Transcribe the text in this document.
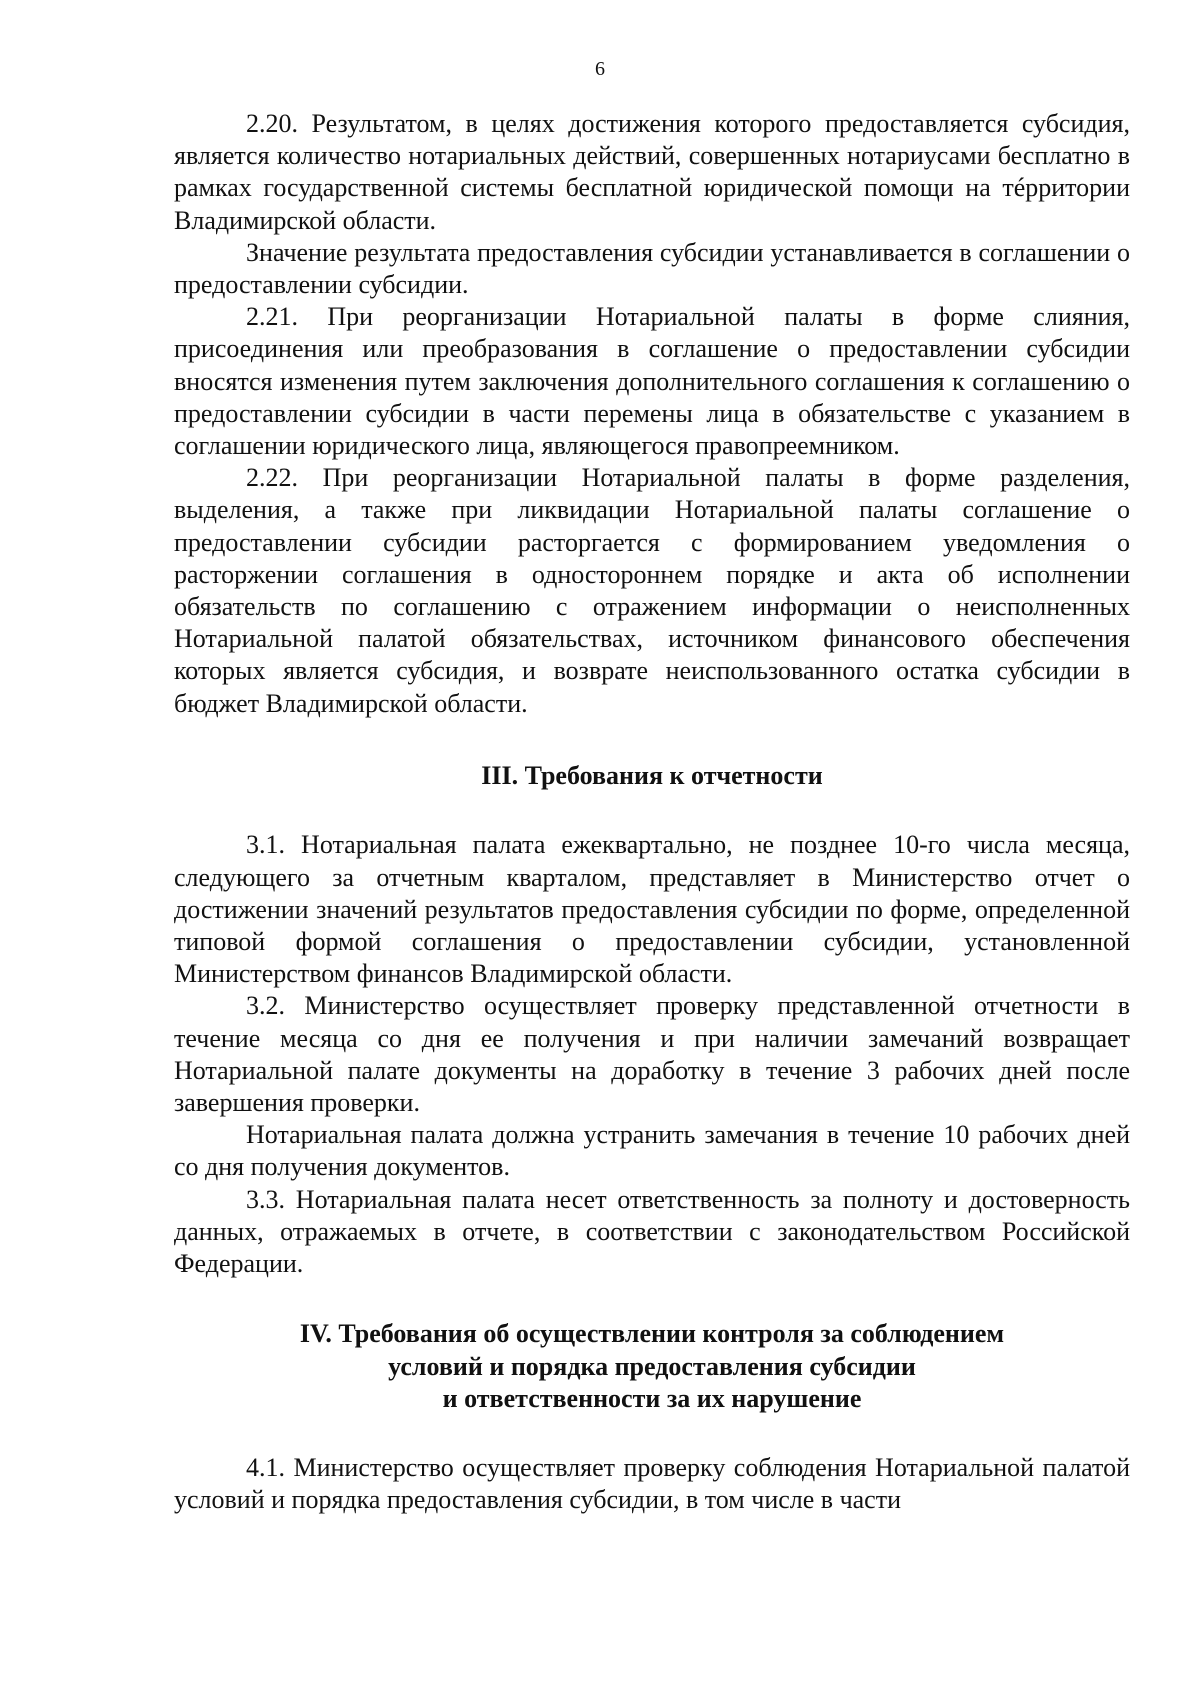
6

2.20. Результатом, в целях достижения которого предоставляется субсидия, является количество нотариальных действий, совершенных нотариусами бесплатно в рамках государственной системы бесплатной юридической помощи на тéрритории Владимирской области.

Значение результата предоставления субсидии устанавливается в соглашении о предоставлении субсидии.

2.21. При реорганизации Нотариальной палаты в форме слияния, присоединения или преобразования в соглашение о предоставлении субсидии вносятся изменения путем заключения дополнительного соглашения к соглашению о предоставлении субсидии в части перемены лица в обязательстве с указанием в соглашении юридического лица, являющегося правопреемником.

2.22. При реорганизации Нотариальной палаты в форме разделения, выделения, а также при ликвидации Нотариальной палаты соглашение о предоставлении субсидии расторгается с формированием уведомления о расторжении соглашения в одностороннем порядке и акта об исполнении обязательств по соглашению с отражением информации о неисполненных Нотариальной палатой обязательствах, источником финансового обеспечения которых является субсидия, и возврате неиспользованного остатка субсидии в бюджет Владимирской области.

III. Требования к отчетности

3.1. Нотариальная палата ежеквартально, не позднее 10-го числа месяца, следующего за отчетным кварталом, представляет в Министерство отчет о достижении значений результатов предоставления субсидии по форме, определенной типовой формой соглашения о предоставлении субсидии, установленной Министерством финансов Владимирской области.

3.2. Министерство осуществляет проверку представленной отчетности в течение месяца со дня ее получения и при наличии замечаний возвращает Нотариальной палате документы на доработку в течение 3 рабочих дней после завершения проверки.

Нотариальная палата должна устранить замечания в течение 10 рабочих дней со дня получения документов.

3.3. Нотариальная палата несет ответственность за полноту и достоверность данных, отражаемых в отчете, в соответствии с законодательством Российской Федерации.

IV. Требования об осуществлении контроля за соблюдением
условий и порядка предоставления субсидии
и ответственности за их нарушение

4.1. Министерство осуществляет проверку соблюдения Нотариальной палатой условий и порядка предоставления субсидии, в том числе в части
